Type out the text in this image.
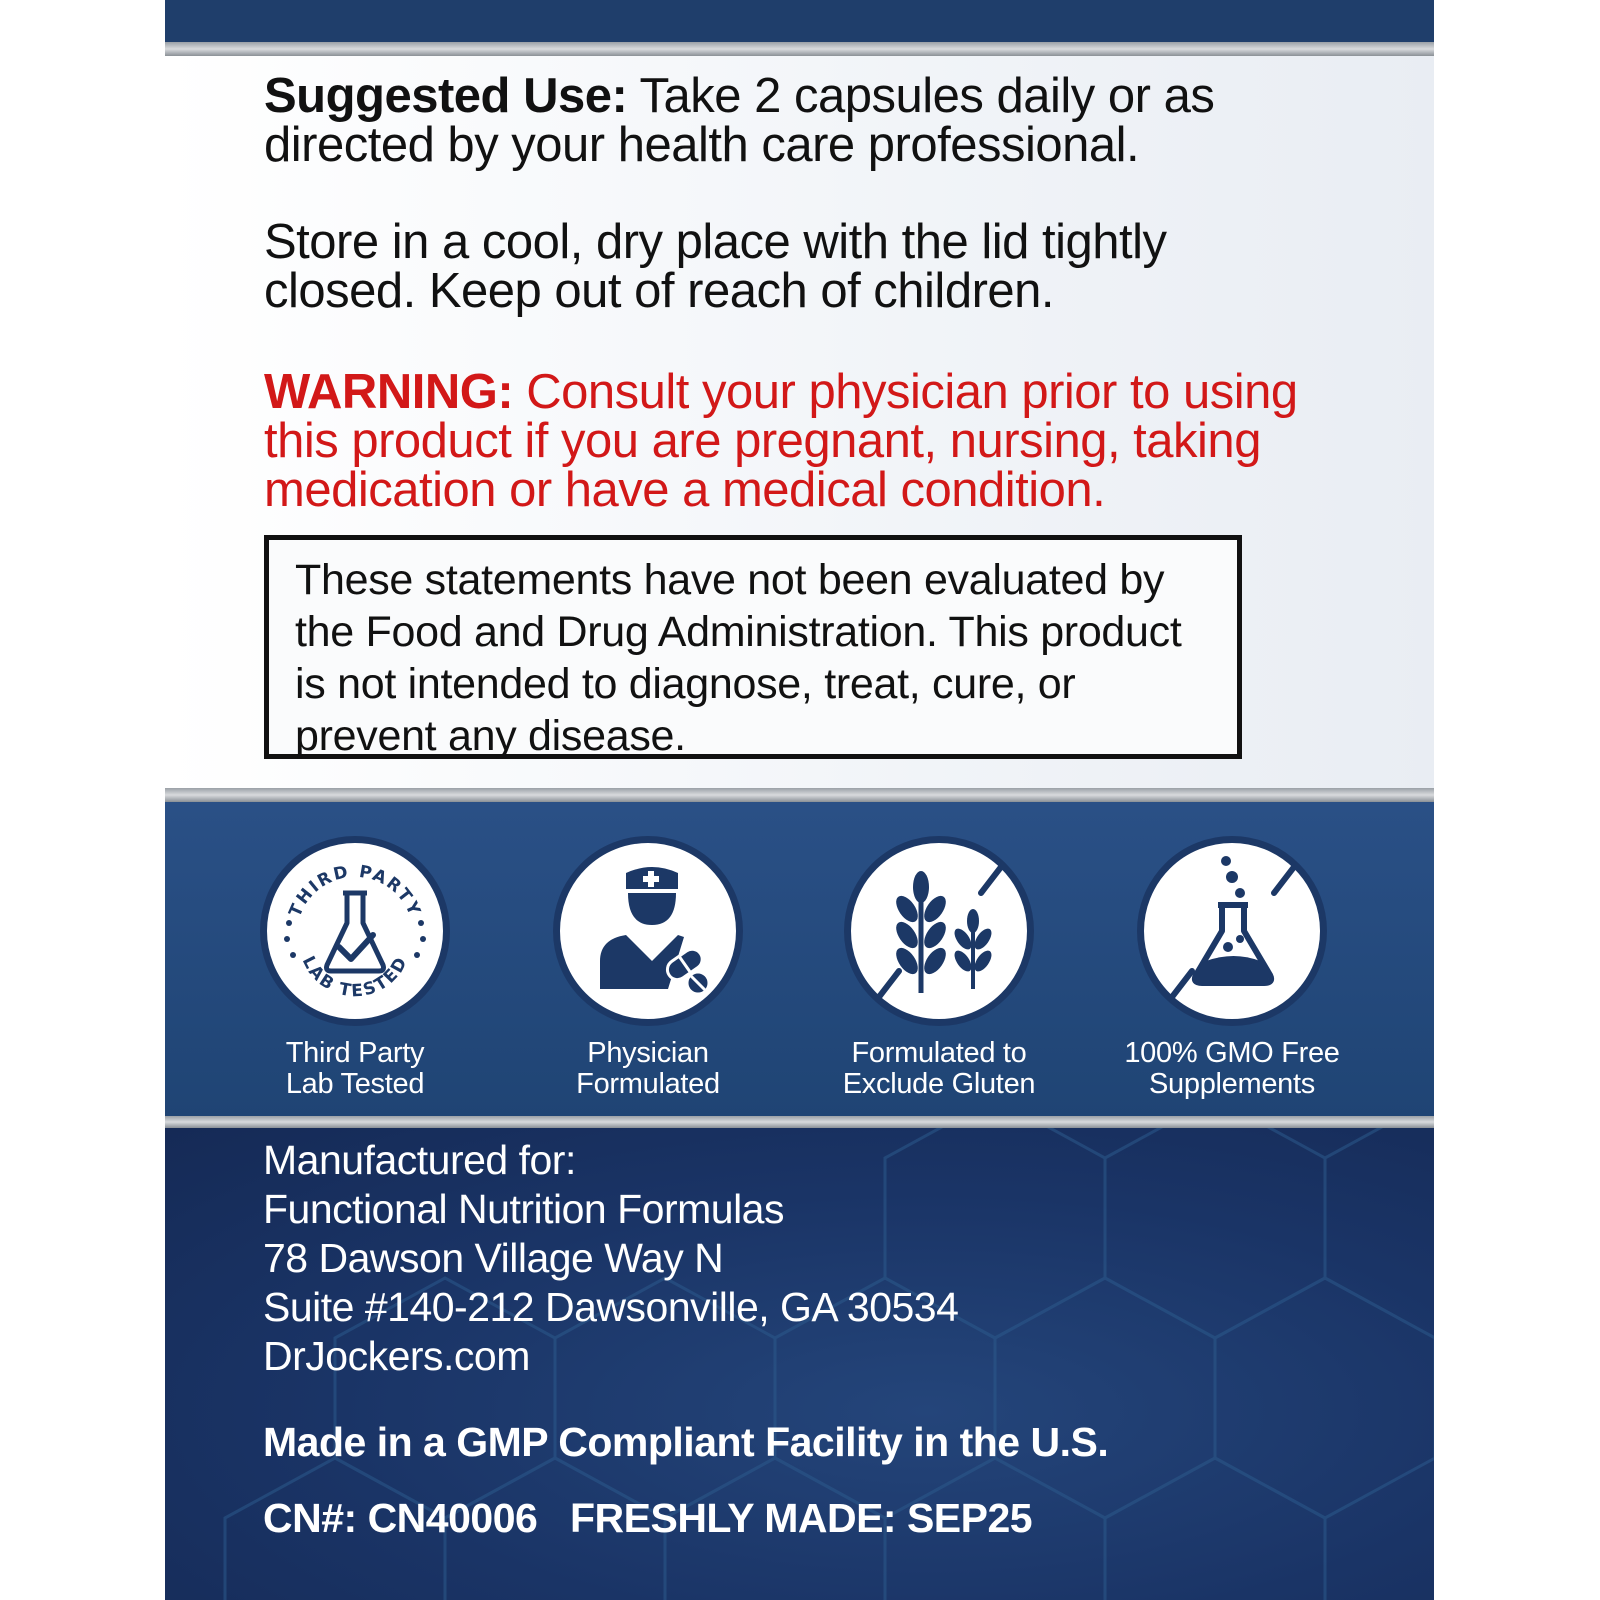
Suggested Use: Take 2 capsules daily or as directed by your health care professional.
Store in a cool, dry place with the lid tightly closed. Keep out of reach of children.
WARNING: Consult your physician prior to using this product if you are pregnant, nursing, taking medication or have a medical condition.
These statements have not been evaluated by the Food and Drug Administration. This product is not intended to diagnose, treat, cure, or prevent any disease.
THIRD PARTY
LAB TESTED
Third Party
Lab Tested
Physician
Formulated
Formulated to
Exclude Gluten
100% GMO Free
Supplements
Manufactured for:
Functional Nutrition Formulas
78 Dawson Village Way N
Suite #140-212 Dawsonville, GA 30534
DrJockers.com
Made in a GMP Compliant Facility in the U.S.
CN#: CN40006   FRESHLY MADE: SEP25
